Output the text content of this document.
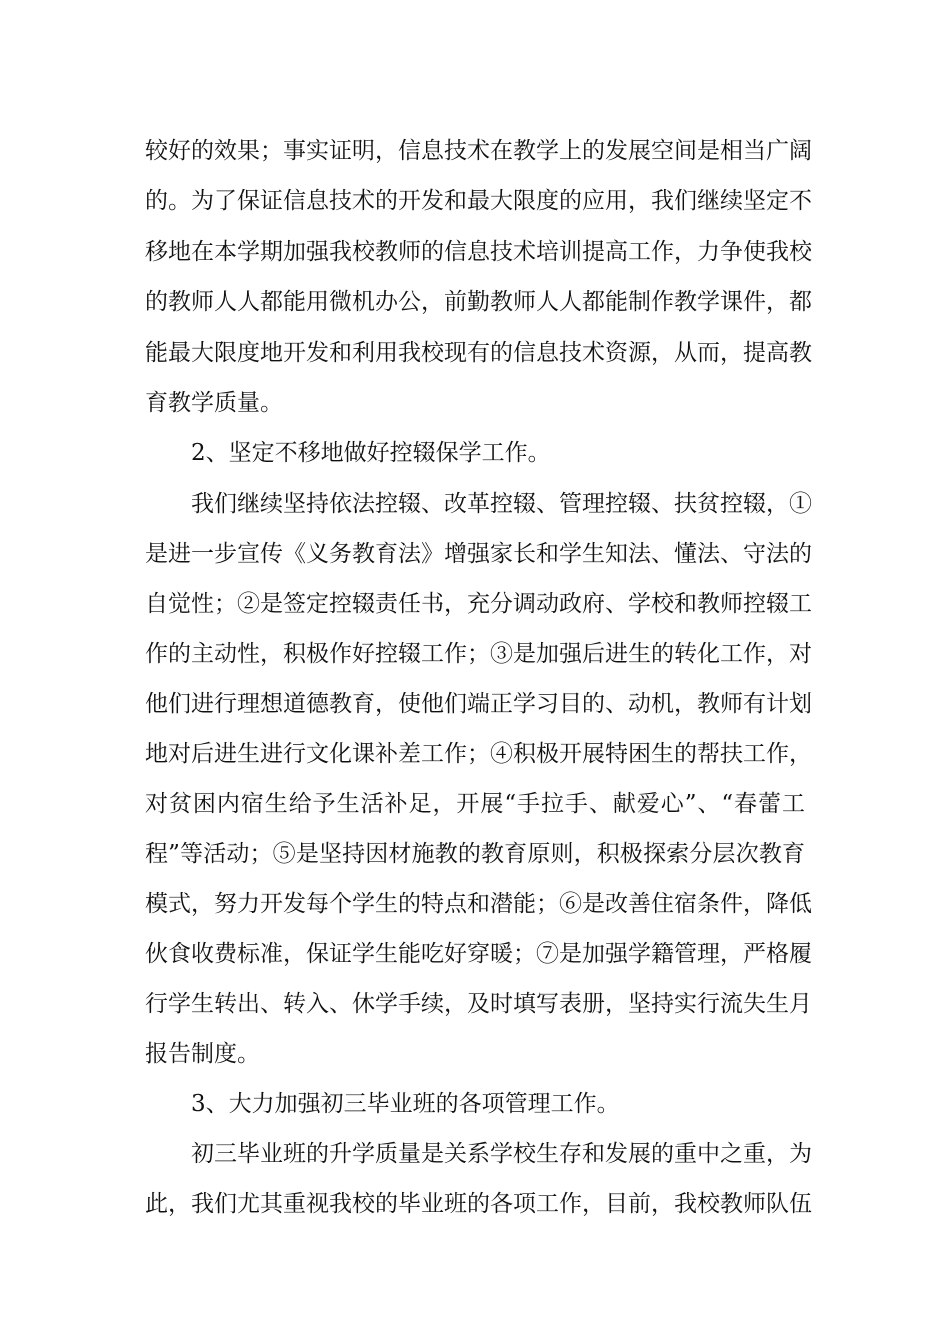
较好的效果；事实证明，信息技术在教学上的发展空间是相当广阔
的。为了保证信息技术的开发和最大限度的应用，我们继续坚定不
移地在本学期加强我校教师的信息技术培训提高工作，力争使我校
的教师人人都能用微机办公，前勤教师人人都能制作教学课件，都
能最大限度地开发和利用我校现有的信息技术资源，从而，提高教
育教学质量。
2、坚定不移地做好控辍保学工作。
我们继续坚持依法控辍、改革控辍、管理控辍、扶贫控辍，①
是进一步宣传《义务教育法》增强家长和学生知法、懂法、守法的
自觉性；②是签定控辍责任书，充分调动政府、学校和教师控辍工
作的主动性，积极作好控辍工作；③是加强后进生的转化工作，对
他们进行理想道德教育，使他们端正学习目的、动机，教师有计划
地对后进生进行文化课补差工作；④积极开展特困生的帮扶工作，
对贫困内宿生给予生活补足，开展“手拉手、献爱心”、“春蕾工
程”等活动；⑤是坚持因材施教的教育原则，积极探索分层次教育
模式，努力开发每个学生的特点和潜能；⑥是改善住宿条件，降低
伙食收费标准，保证学生能吃好穿暖；⑦是加强学籍管理，严格履
行学生转出、转入、休学手续，及时填写表册，坚持实行流失生月
报告制度。
3、大力加强初三毕业班的各项管理工作。
初三毕业班的升学质量是关系学校生存和发展的重中之重，为
此，我们尤其重视我校的毕业班的各项工作，目前，我校教师队伍
